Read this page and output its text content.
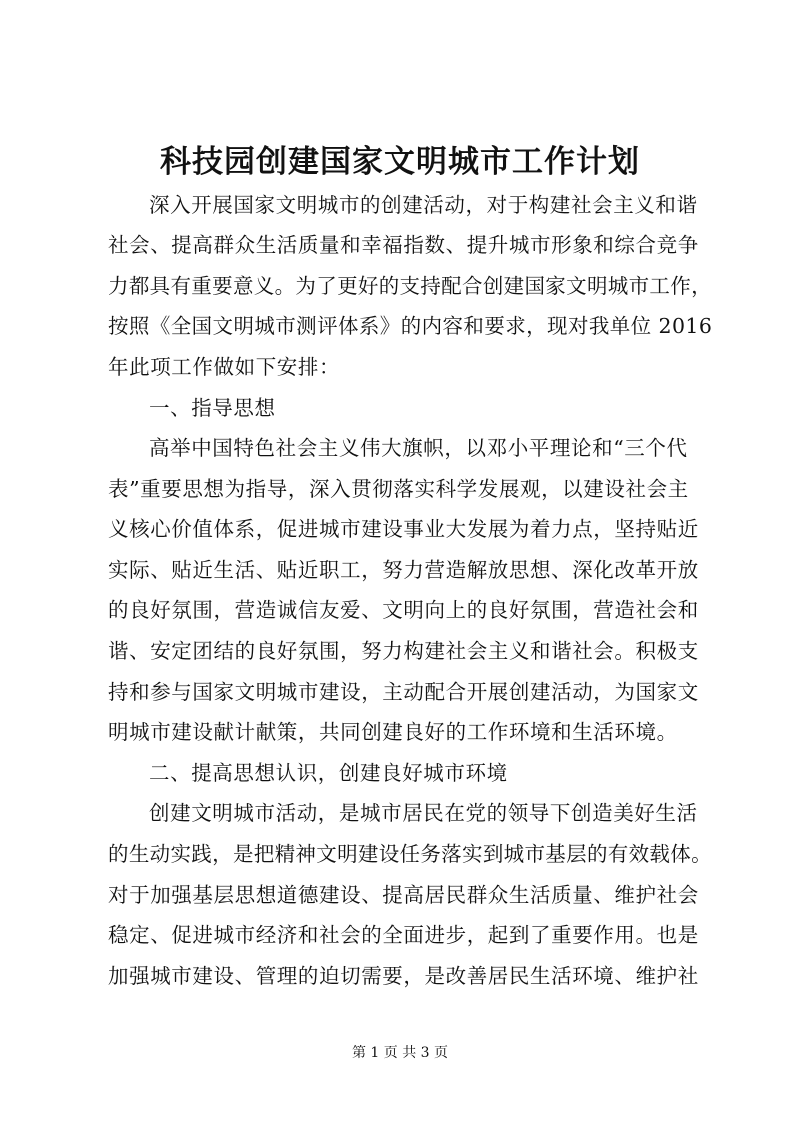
科技园创建国家文明城市工作计划
深入开展国家文明城市的创建活动，对于构建社会主义和谐
社会、提高群众生活质量和幸福指数、提升城市形象和综合竞争
力都具有重要意义。为了更好的支持配合创建国家文明城市工作，
按照《全国文明城市测评体系》的内容和要求，现对我单位 2016
年此项工作做如下安排：
一、指导思想
高举中国特色社会主义伟大旗帜，以邓小平理论和“三个代
表”重要思想为指导，深入贯彻落实科学发展观，以建设社会主
义核心价值体系，促进城市建设事业大发展为着力点，坚持贴近
实际、贴近生活、贴近职工，努力营造解放思想、深化改革开放
的良好氛围，营造诚信友爱、文明向上的良好氛围，营造社会和
谐、安定团结的良好氛围，努力构建社会主义和谐社会。积极支
持和参与国家文明城市建设，主动配合开展创建活动，为国家文
明城市建设献计献策，共同创建良好的工作环境和生活环境。
二、提高思想认识，创建良好城市环境
创建文明城市活动，是城市居民在党的领导下创造美好生活
的生动实践，是把精神文明建设任务落实到城市基层的有效载体。
对于加强基层思想道德建设、提高居民群众生活质量、维护社会
稳定、促进城市经济和社会的全面进步，起到了重要作用。也是
加强城市建设、管理的迫切需要，是改善居民生活环境、维护社
第 1 页 共 3 页
